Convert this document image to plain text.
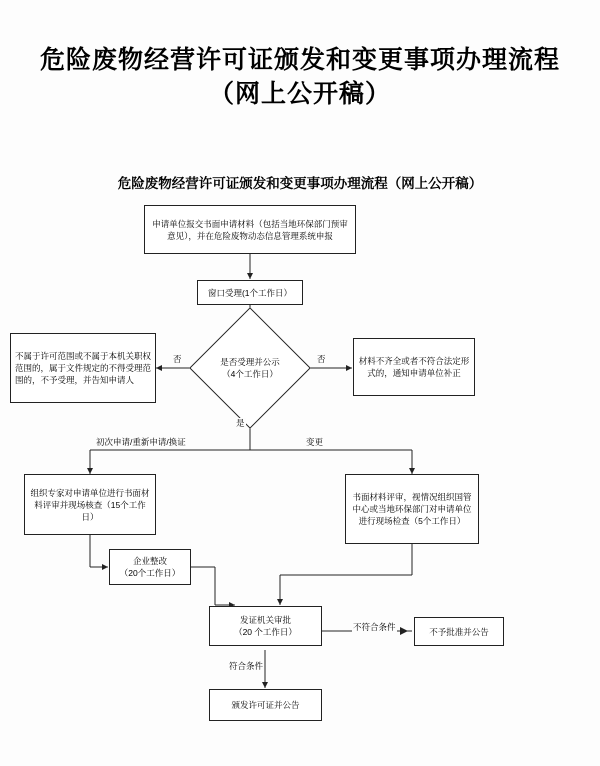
危险废物经营许可证颁发和变更事项办理流程
（网上公开稿）
危险废物经营许可证颁发和变更事项办理流程（网上公开稿）
申请单位报交书面申请材料（包括当地环保部门预审意见），并在危险废物动态信息管理系统申报
窗口受理(1个工作日）
是否受理并公示
（4个工作日）
不属于许可范围或不属于本机关职权范围的，属于文件规定的不得受理范围的，不予受理，并告知申请人
材料不齐全或者不符合法定形式的，通知申请单位补正
组织专家对申请单位进行书面材料评审并现场核查（15个工作日）
书面材料评审，视情况组织国管中心或当地环保部门对申请单位进行现场检查（5个工作日）
企业整改
（20个工作日）
发证机关审批
（20 个工作日）	不予批准并公告
颁发许可证并公告
否	否
是
初次申请/重新申请/换证	变更
不符合条件
符合条件
